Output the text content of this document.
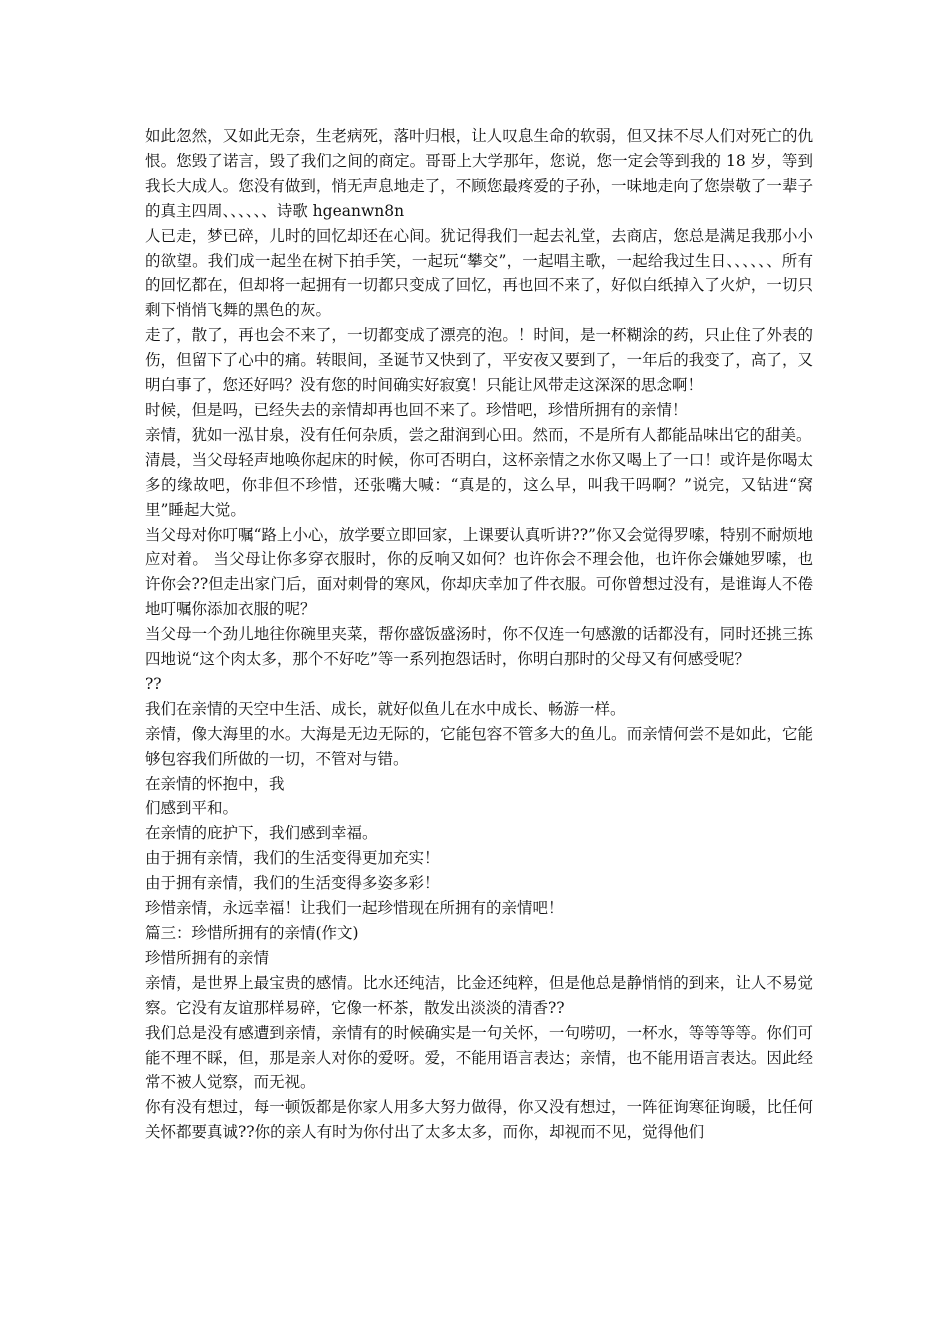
如此忽然，又如此无奈，生老病死，落叶归根，让人叹息生命的软弱，但又抹不尽人们对死亡的仇恨。您毁了诺言，毁了我们之间的商定。哥哥上大学那年，您说，您一定会等到我的 18 岁，等到我长大成人。您没有做到，悄无声息地走了，不顾您最疼爱的子孙，一味地走向了您崇敬了一辈子的真主四周、、、、、、诗歌 hgeanwn8n

人已走，梦已碎，儿时的回忆却还在心间。犹记得我们一起去礼堂，去商店，您总是满足我那小小的欲望。我们成一起坐在树下拍手笑，一起玩“攀交”，一起唱主歌，一起给我过生日、、、、、、所有的回忆都在，但却将一起拥有一切都只变成了回忆，再也回不来了，好似白纸掉入了火炉，一切只剩下悄悄飞舞的黑色的灰。

走了，散了，再也会不来了，一切都变成了漂亮的泡。！时间，是一杯糊涂的药，只止住了外表的伤，但留下了心中的痛。转眼间，圣诞节又快到了，平安夜又要到了，一年后的我变了，高了，又明白事了，您还好吗？没有您的时间确实好寂寞！只能让风带走这深深的思念啊！

时候，但是吗，已经失去的亲情却再也回不来了。珍惜吧，珍惜所拥有的亲情！

亲情，犹如一泓甘泉，没有任何杂质，尝之甜润到心田。然而，不是所有人都能品味出它的甜美。

清晨，当父母轻声地唤你起床的时候，你可否明白，这杯亲情之水你又喝上了一口！或许是你喝太多的缘故吧，你非但不珍惜，还张嘴大喊：“真是的，这么早，叫我干吗啊？”说完，又钻进“窝里”睡起大觉。

当父母对你叮嘱“路上小心，放学要立即回家，上课要认真听讲??”你又会觉得罗嗦，特别不耐烦地应对着。 当父母让你多穿衣服时，你的反响又如何？也许你会不理会他，也许你会嫌她罗嗦，也许你会??但走出家门后，面对刺骨的寒风，你却庆幸加了件衣服。可你曾想过没有，是谁诲人不倦地叮嘱你添加衣服的呢？

当父母一个劲儿地往你碗里夹菜，帮你盛饭盛汤时，你不仅连一句感激的话都没有，同时还挑三拣四地说“这个肉太多，那个不好吃”等一系列抱怨话时，你明白那时的父母又有何感受呢？

??

我们在亲情的天空中生活、成长，就好似鱼儿在水中成长、畅游一样。

亲情，像大海里的水。大海是无边无际的，它能包容不管多大的鱼儿。而亲情何尝不是如此，它能够包容我们所做的一切，不管对与错。

在亲情的怀抱中，我

们感到平和。

在亲情的庇护下，我们感到幸福。

由于拥有亲情，我们的生活变得更加充实！

由于拥有亲情，我们的生活变得多姿多彩！

珍惜亲情，永远幸福！让我们一起珍惜现在所拥有的亲情吧！

篇三：珍惜所拥有的亲情(作文)

珍惜所拥有的亲情

亲情，是世界上最宝贵的感情。比水还纯洁，比金还纯粹，但是他总是静悄悄的到来，让人不易觉察。它没有友谊那样易碎，它像一杯茶，散发出淡淡的清香??

我们总是没有感遭到亲情，亲情有的时候确实是一句关怀，一句唠叨，一杯水，等等等等。你们可能不理不睬，但，那是亲人对你的爱呀。爱，不能用语言表达；亲情，也不能用语言表达。因此经常不被人觉察，而无视。

你有没有想过，每一顿饭都是你家人用多大努力做得，你又没有想过，一阵征询寒征询暖，比任何关怀都要真诚??你的亲人有时为你付出了太多太多，而你，却视而不见，觉得他们
